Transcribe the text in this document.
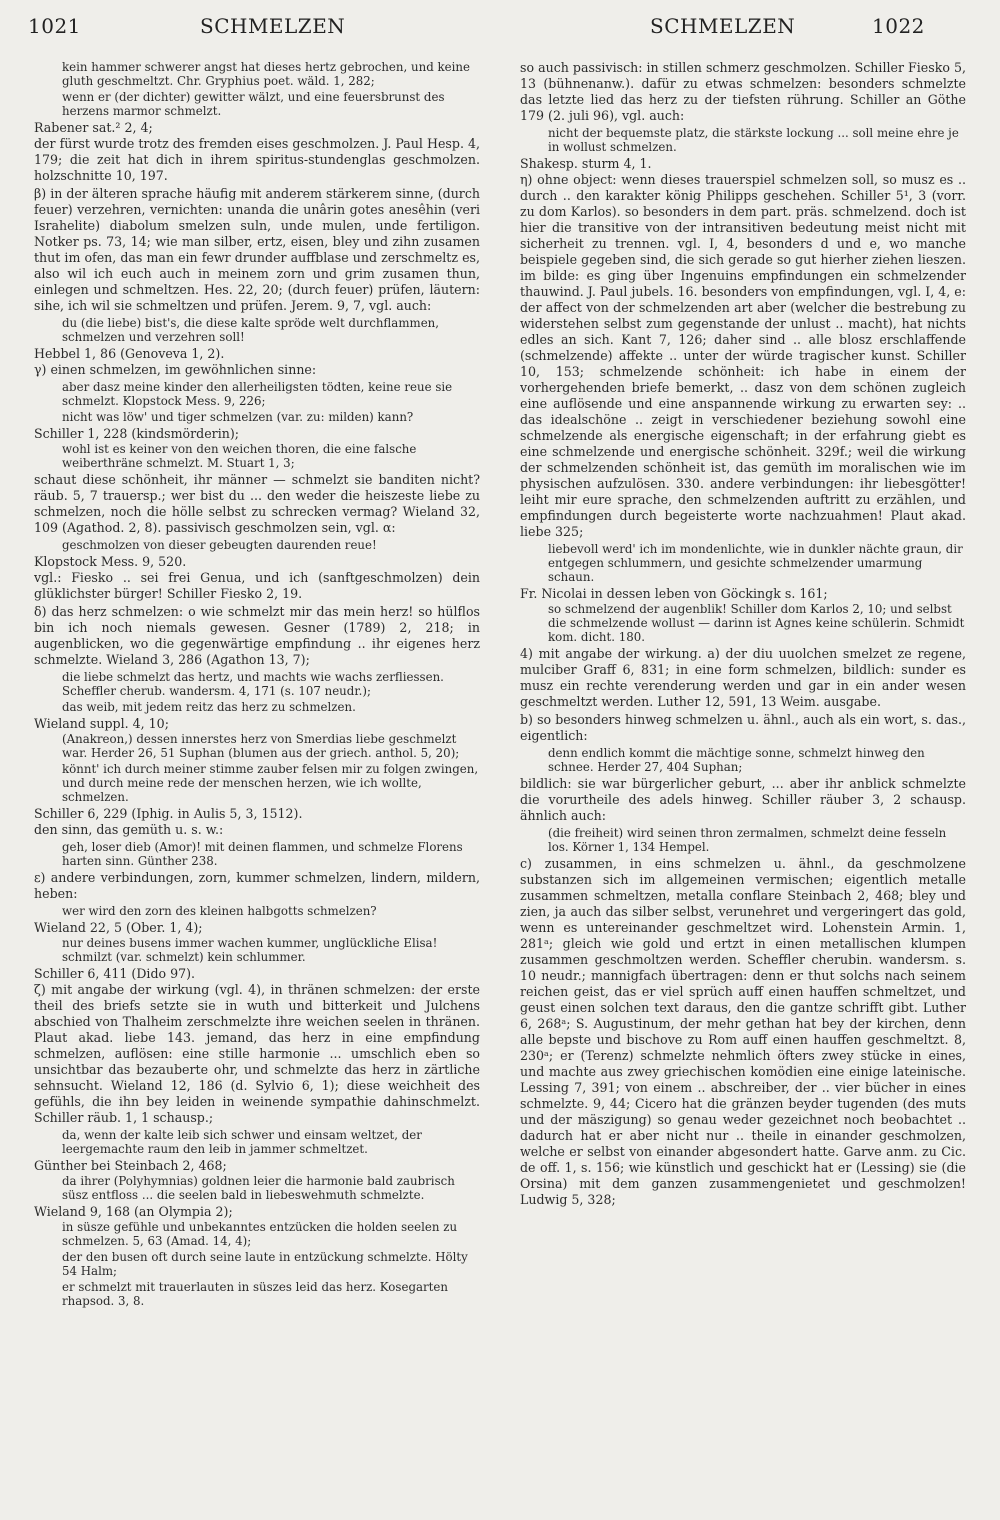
1021	SCHMELZEN	SCHMELZEN	1022
kein hammer schwerer angst hat dieses hertz gebrochen, und keine gluth geschmeltzt. Chr. Gryphius poet. wäld. 1, 282;
wenn er (der dichter) gewitter wälzt, und eine feuersbrunst des herzens marmor schmelzt.
Rabener sat.² 2, 4;
der fürst wurde trotz des fremden eises geschmolzen. J. Paul Hesp. 4, 179; die zeit hat dich in ihrem spiritus-stundenglas geschmolzen. holzschnitte 10, 197.
β) in der älteren sprache häufig mit anderem stärkerem sinne, (durch feuer) verzehren, vernichten: unanda die unârin gotes anesêhin (veri Israhelite) diabolum smelzen suln, unde mulen, unde fertiligon. Notker ps. 73, 14; wie man silber, ertz, eisen, bley und zihn zusamen thut im ofen, das man ein fewr drunder auffblase und zerschmeltz es, also wil ich euch auch in meinem zorn und grim zusamen thun, einlegen und schmeltzen. Hes. 22, 20; (durch feuer) prüfen, läutern: sihe, ich wil sie schmeltzen und prüfen. Jerem. 9, 7, vgl. auch:
du (die liebe) bist's, die diese kalte spröde welt durchflammen, schmelzen und verzehren soll!
Hebbel 1, 86 (Genoveva 1, 2).
γ) einen schmelzen, im gewöhnlichen sinne:
aber dasz meine kinder den allerheiligsten tödten, keine reue sie schmelzt. Klopstock Mess. 9, 226;
nicht was löw' und tiger schmelzen (var. zu: milden) kann?
Schiller 1, 228 (kindsmörderin);
wohl ist es keiner von den weichen thoren, die eine falsche weiberthräne schmelzt. M. Stuart 1, 3;
schaut diese schönheit, ihr männer — schmelzt sie banditen nicht? räub. 5, 7 trauersp.; wer bist du ... den weder die heiszeste liebe zu schmelzen, noch die hölle selbst zu schrecken vermag? Wieland 32, 109 (Agathod. 2, 8). passivisch geschmolzen sein, vgl. α:
geschmolzen von dieser gebeugten daurenden reue!
Klopstock Mess. 9, 520.
vgl.: Fiesko .. sei frei Genua, und ich (sanftgeschmolzen) dein glüklichster bürger! Schiller Fiesko 2, 19.
δ) das herz schmelzen: o wie schmelzt mir das mein herz! so hülflos bin ich noch niemals gewesen. Gesner (1789) 2, 218; in augenblicken, wo die gegenwärtige empfindung .. ihr eigenes herz schmelzte. Wieland 3, 286 (Agathon 13, 7);
die liebe schmelzt das hertz, und machts wie wachs zerfliessen. Scheffler cherub. wandersm. 4, 171 (s. 107 neudr.);
das weib, mit jedem reitz das herz zu schmelzen.
Wieland suppl. 4, 10;
(Anakreon,) dessen innerstes herz von Smerdias liebe geschmelzt war. Herder 26, 51 Suphan (blumen aus der griech. anthol. 5, 20);
könnt' ich durch meiner stimme zauber felsen mir zu folgen zwingen, und durch meine rede der menschen herzen, wie ich wollte, schmelzen.
Schiller 6, 229 (Iphig. in Aulis 5, 3, 1512).
den sinn, das gemüth u. s. w.:
geh, loser dieb (Amor)! mit deinen flammen, und schmelze Florens harten sinn. Günther 238.
ε) andere verbindungen, zorn, kummer schmelzen, lindern, mildern, heben:
wer wird den zorn des kleinen halbgotts schmelzen?
Wieland 22, 5 (Ober. 1, 4);
nur deines busens immer wachen kummer, unglückliche Elisa! schmilzt (var. schmelzt) kein schlummer.
Schiller 6, 411 (Dido 97).
ζ) mit angabe der wirkung (vgl. 4), in thränen schmelzen: der erste theil des briefs setzte sie in wuth und bitterkeit und Julchens abschied von Thalheim zerschmelzte ihre weichen seelen in thränen. Plaut akad. liebe 143. jemand, das herz in eine empfindung schmelzen, auflösen: eine stille harmonie ... umschlich eben so unsichtbar das bezauberte ohr, und schmelzte das herz in zärtliche sehnsucht. Wieland 12, 186 (d. Sylvio 6, 1); diese weichheit des gefühls, die ihn bey leiden in weinende sympathie dahinschmelzt. Schiller räub. 1, 1 schausp.;
da, wenn der kalte leib sich schwer und einsam weltzet, der leergemachte raum den leib in jammer schmeltzet.
Günther bei Steinbach 2, 468;
da ihrer (Polyhymnias) goldnen leier die harmonie bald zaubrisch süsz entfloss ... die seelen bald in liebeswehmuth schmelzte.
Wieland 9, 168 (an Olympia 2);
in süsze gefühle und unbekanntes entzücken die holden seelen zu schmelzen. 5, 63 (Amad. 14, 4);
der den busen oft durch seine laute in entzückung schmelzte. Hölty 54 Halm;
er schmelzt mit trauerlauten in süszes leid das herz. Kosegarten rhapsod. 3, 8.
so auch passivisch: in stillen schmerz geschmolzen. Schiller Fiesko 5, 13 (bühnenanw.). dafür zu etwas schmelzen: besonders schmelzte das letzte lied das herz zu der tiefsten rührung. Schiller an Göthe 179 (2. juli 96), vgl. auch:
nicht der bequemste platz, die stärkste lockung ... soll meine ehre je in wollust schmelzen.
Shakesp. sturm 4, 1.
η) ohne object: wenn dieses trauerspiel schmelzen soll, so musz es .. durch .. den karakter könig Philipps geschehen. Schiller 5¹, 3 (vorr. zu dom Karlos). so besonders in dem part. präs. schmelzend. doch ist hier die transitive von der intransitiven bedeutung meist nicht mit sicherheit zu trennen. vgl. I, 4, besonders d und e, wo manche beispiele gegeben sind, die sich gerade so gut hierher ziehen lieszen. im bilde: es ging über Ingenuins empfindungen ein schmelzender thauwind. J. Paul jubels. 16. besonders von empfindungen, vgl. I, 4, e: der affect von der schmelzenden art aber (welcher die bestrebung zu widerstehen selbst zum gegenstande der unlust .. macht), hat nichts edles an sich. Kant 7, 126; daher sind .. alle blosz erschlaffende (schmelzende) affekte .. unter der würde tragischer kunst. Schiller 10, 153; schmelzende schönheit: ich habe in einem der vorhergehenden briefe bemerkt, .. dasz von dem schönen zugleich eine auflösende und eine anspannende wirkung zu erwarten sey: .. das idealschöne .. zeigt in verschiedener beziehung sowohl eine schmelzende als energische eigenschaft; in der erfahrung giebt es eine schmelzende und energische schönheit. 329f.; weil die wirkung der schmelzenden schönheit ist, das gemüth im moralischen wie im physischen aufzulösen. 330. andere verbindungen: ihr liebesgötter! leiht mir eure sprache, den schmelzenden auftritt zu erzählen, und empfindungen durch begeisterte worte nachzuahmen! Plaut akad. liebe 325;
liebevoll werd' ich im mondenlichte, wie in dunkler nächte graun, dir entgegen schlummern, und gesichte schmelzender umarmung schaun.
Fr. Nicolai in dessen leben von Göckingk s. 161;
so schmelzend der augenblik! Schiller dom Karlos 2, 10; und selbst die schmelzende wollust — darinn ist Agnes keine schülerin. Schmidt kom. dicht. 180.
4) mit angabe der wirkung. a) der diu uuolchen smelzet ze regene, mulciber Graff 6, 831; in eine form schmelzen, bildlich: sunder es musz ein rechte verenderung werden und gar in ein ander wesen geschmeltzt werden. Luther 12, 591, 13 Weim. ausgabe.
b) so besonders hinweg schmelzen u. ähnl., auch als ein wort, s. das., eigentlich:
denn endlich kommt die mächtige sonne, schmelzt hinweg den schnee. Herder 27, 404 Suphan;
bildlich: sie war bürgerlicher geburt, ... aber ihr anblick schmelzte die vorurtheile des adels hinweg. Schiller räuber 3, 2 schausp. ähnlich auch:
(die freiheit) wird seinen thron zermalmen, schmelzt deine fesseln los. Körner 1, 134 Hempel.
c) zusammen, in eins schmelzen u. ähnl., da geschmolzene substanzen sich im allgemeinen vermischen; eigentlich metalle zusammen schmeltzen, metalla conflare Steinbach 2, 468; bley und zien, ja auch das silber selbst, verunehret und vergeringert das gold, wenn es untereinander geschmeltzet wird. Lohenstein Armin. 1, 281ᵃ; gleich wie gold und ertzt in einen metallischen klumpen zusammen geschmoltzen werden. Scheffler cherubin. wandersm. s. 10 neudr.; mannigfach übertragen: denn er thut solchs nach seinem reichen geist, das er viel sprüch auff einen hauffen schmeltzet, und geust einen solchen text daraus, den die gantze schrifft gibt. Luther 6, 268ᵃ; S. Augustinum, der mehr gethan hat bey der kirchen, denn alle bepste und bischove zu Rom auff einen hauffen geschmeltzt. 8, 230ᵃ; er (Terenz) schmelzte nehmlich öfters zwey stücke in eines, und machte aus zwey griechischen komödien eine einige lateinische. Lessing 7, 391; von einem .. abschreiber, der .. vier bücher in eines schmelzte. 9, 44; Cicero hat die gränzen beyder tugenden (des muts und der mäszigung) so genau weder gezeichnet noch beobachtet .. dadurch hat er aber nicht nur .. theile in einander geschmolzen, welche er selbst von einander abgesondert hatte. Garve anm. zu Cic. de off. 1, s. 156; wie künstlich und geschickt hat er (Lessing) sie (die Orsina) mit dem ganzen zusammengenietet und geschmolzen! Ludwig 5, 328;
